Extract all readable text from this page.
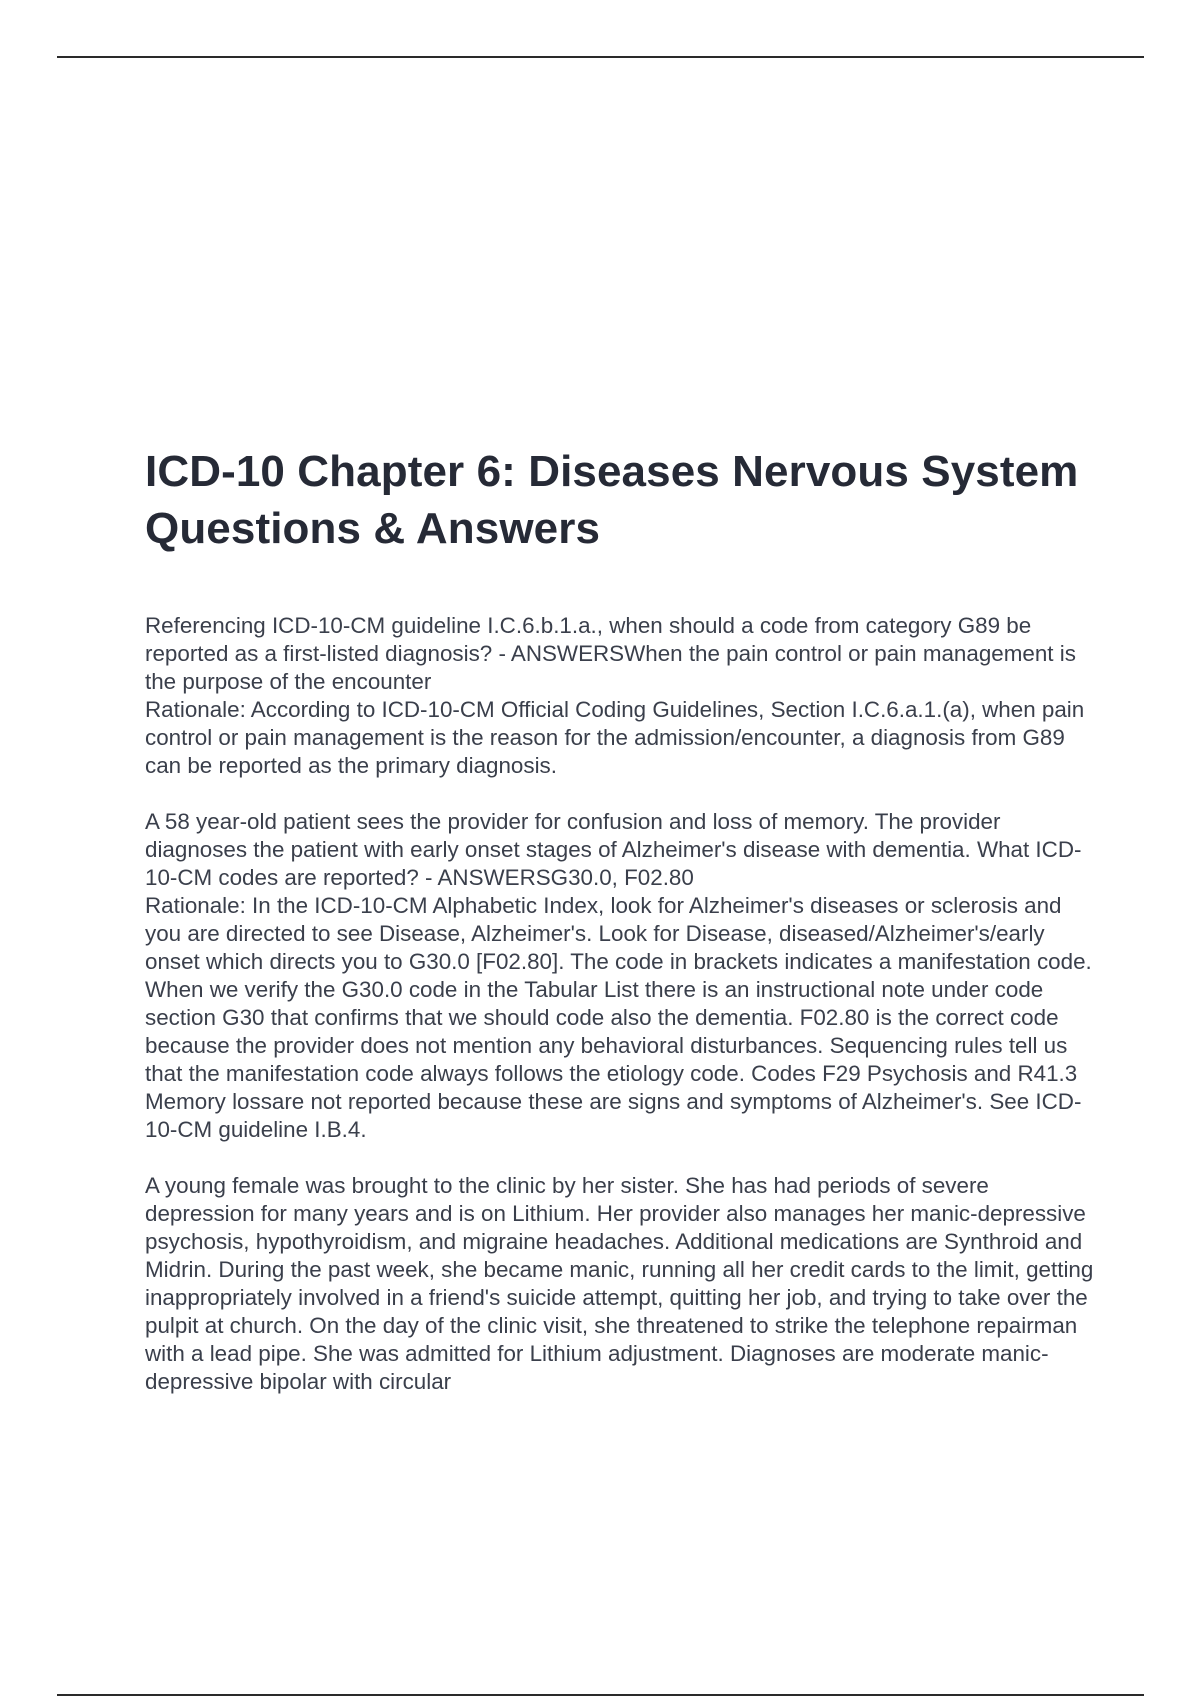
ICD-10 Chapter 6: Diseases Nervous System Questions & Answers

Referencing ICD-10-CM guideline I.C.6.b.1.a., when should a code from category G89 be reported as a first-listed diagnosis? - ANSWERSWhen the pain control or pain management is the purpose of the encounter

Rationale: According to ICD-10-CM Official Coding Guidelines, Section I.C.6.a.1.(a), when pain control or pain management is the reason for the admission/encounter, a diagnosis from G89 can be reported as the primary diagnosis.

A 58 year-old patient sees the provider for confusion and loss of memory. The provider diagnoses the patient with early onset stages of Alzheimer's disease with dementia. What ICD-10-CM codes are reported? - ANSWERSG30.0, F02.80

Rationale: In the ICD-10-CM Alphabetic Index, look for Alzheimer's diseases or sclerosis and you are directed to see Disease, Alzheimer's. Look for Disease, diseased/Alzheimer's/early onset which directs you to G30.0 [F02.80]. The code in brackets indicates a manifestation code. When we verify the G30.0 code in the Tabular List there is an instructional note under code section G30 that confirms that we should code also the dementia. F02.80 is the correct code because the provider does not mention any behavioral disturbances. Sequencing rules tell us that the manifestation code always follows the etiology code. Codes F29 Psychosis and R41.3 Memory lossare not reported because these are signs and symptoms of Alzheimer's. See ICD-10-CM guideline I.B.4.

A young female was brought to the clinic by her sister. She has had periods of severe depression for many years and is on Lithium. Her provider also manages her manic-depressive psychosis, hypothyroidism, and migraine headaches. Additional medications are Synthroid and Midrin. During the past week, she became manic, running all her credit cards to the limit, getting inappropriately involved in a friend's suicide attempt, quitting her job, and trying to take over the pulpit at church. On the day of the clinic visit, she threatened to strike the telephone repairman with a lead pipe. She was admitted for Lithium adjustment. Diagnoses are moderate manic-depressive bipolar with circular
